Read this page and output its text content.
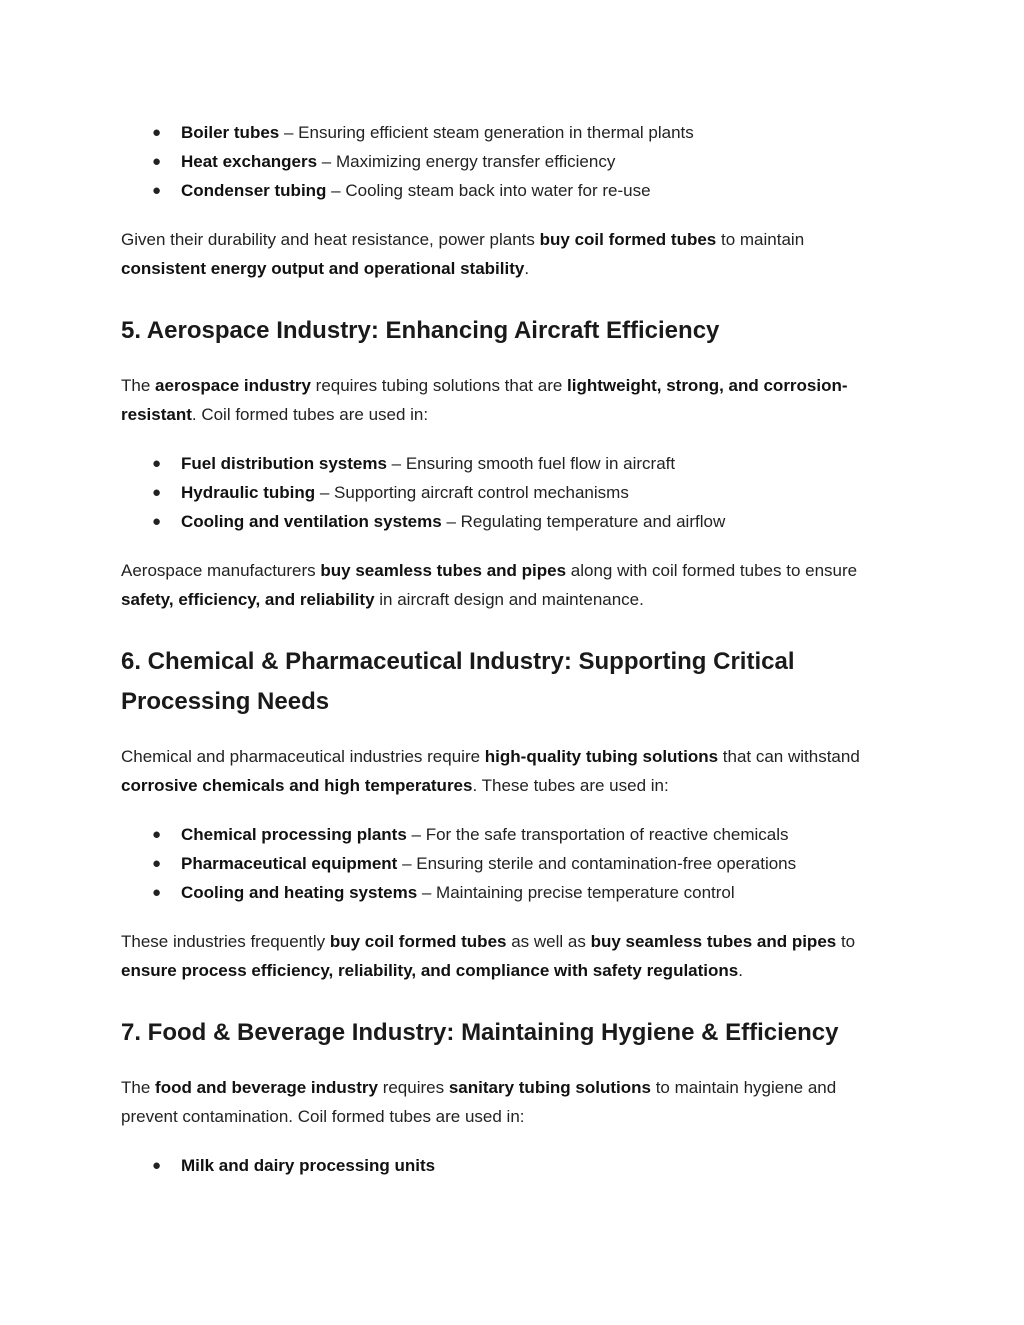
● Boiler tubes – Ensuring efficient steam generation in thermal plants
● Heat exchangers – Maximizing energy transfer efficiency
● Condenser tubing – Cooling steam back into water for re-use

Given their durability and heat resistance, power plants buy coil formed tubes to maintain
consistent energy output and operational stability.

5. Aerospace Industry: Enhancing Aircraft Efficiency

The aerospace industry requires tubing solutions that are lightweight, strong, and corrosion-resistant. Coil formed tubes are used in:

● Fuel distribution systems – Ensuring smooth fuel flow in aircraft
● Hydraulic tubing – Supporting aircraft control mechanisms
● Cooling and ventilation systems – Regulating temperature and airflow

Aerospace manufacturers buy seamless tubes and pipes along with coil formed tubes to ensure safety, efficiency, and reliability in aircraft design and maintenance.

6. Chemical & Pharmaceutical Industry: Supporting Critical Processing Needs

Chemical and pharmaceutical industries require high-quality tubing solutions that can withstand corrosive chemicals and high temperatures. These tubes are used in:

● Chemical processing plants – For the safe transportation of reactive chemicals
● Pharmaceutical equipment – Ensuring sterile and contamination-free operations
● Cooling and heating systems – Maintaining precise temperature control

These industries frequently buy coil formed tubes as well as buy seamless tubes and pipes to ensure process efficiency, reliability, and compliance with safety regulations.

7. Food & Beverage Industry: Maintaining Hygiene & Efficiency

The food and beverage industry requires sanitary tubing solutions to maintain hygiene and prevent contamination. Coil formed tubes are used in:

● Milk and dairy processing units
